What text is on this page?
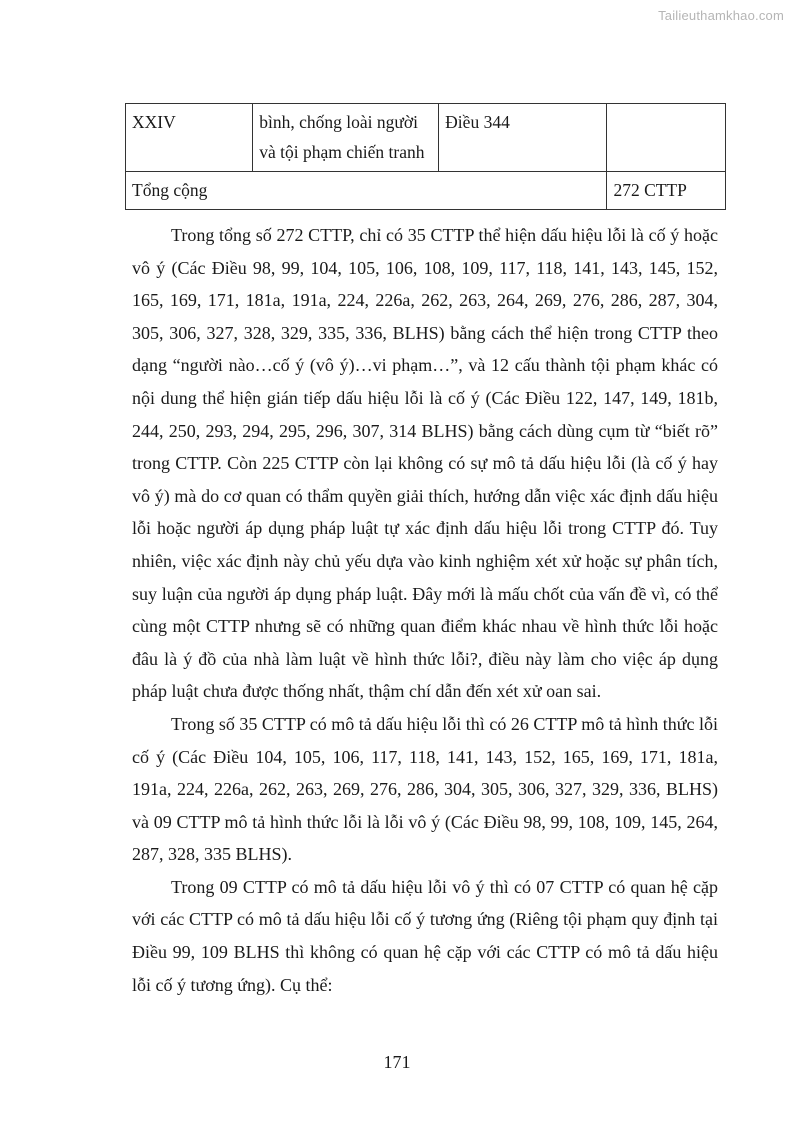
Tailieuthamkhao.com
XXIV	bình, chống loài người và tội phạm chiến tranh	Điều 344	
Tổng cộng			272 CTTP

Trong tổng số 272 CTTP, chỉ có 35 CTTP thể hiện dấu hiệu lỗi là cố ý hoặc vô ý (Các Điều 98, 99, 104, 105, 106, 108, 109, 117, 118, 141, 143, 145, 152, 165, 169, 171, 181a, 191a, 224, 226a, 262, 263, 264, 269, 276, 286, 287, 304, 305, 306, 327, 328, 329, 335, 336, BLHS) bằng cách thể hiện trong CTTP theo dạng “người nào…cố ý (vô ý)…vi phạm…”, và 12 cấu thành tội phạm khác có nội dung thể hiện gián tiếp dấu hiệu lỗi là cố ý (Các Điều 122, 147, 149, 181b, 244, 250, 293, 294, 295, 296, 307, 314 BLHS) bằng cách dùng cụm từ “biết rõ” trong CTTP. Còn 225 CTTP còn lại không có sự mô tả dấu hiệu lỗi (là cố ý hay vô ý) mà do cơ quan có thẩm quyền giải thích, hướng dẫn việc xác định dấu hiệu lỗi hoặc người áp dụng pháp luật tự xác định dấu hiệu lỗi trong CTTP đó. Tuy nhiên, việc xác định này chủ yếu dựa vào kinh nghiệm xét xử hoặc sự phân tích, suy luận của người áp dụng pháp luật. Đây mới là mấu chốt của vấn đề vì, có thể cùng một CTTP nhưng sẽ có những quan điểm khác nhau về hình thức lỗi hoặc đâu là ý đồ của nhà làm luật về hình thức lỗi?, điều này làm cho việc áp dụng pháp luật chưa được thống nhất, thậm chí dẫn đến xét xử oan sai.

Trong số 35 CTTP có mô tả dấu hiệu lỗi thì có 26 CTTP mô tả hình thức lỗi cố ý (Các Điều 104, 105, 106, 117, 118, 141, 143, 152, 165, 169, 171, 181a, 191a, 224, 226a, 262, 263, 269, 276, 286, 304, 305, 306, 327, 329, 336, BLHS) và 09 CTTP mô tả hình thức lỗi là lỗi vô ý (Các Điều 98, 99, 108, 109, 145, 264, 287, 328, 335 BLHS).

Trong 09 CTTP có mô tả dấu hiệu lỗi vô ý thì có 07 CTTP có quan hệ cặp với các CTTP có mô tả dấu hiệu lỗi cố ý tương ứng (Riêng tội phạm quy định tại Điều 99, 109 BLHS thì không có quan hệ cặp với các CTTP có mô tả dấu hiệu lỗi cố ý tương ứng). Cụ thể:

171
